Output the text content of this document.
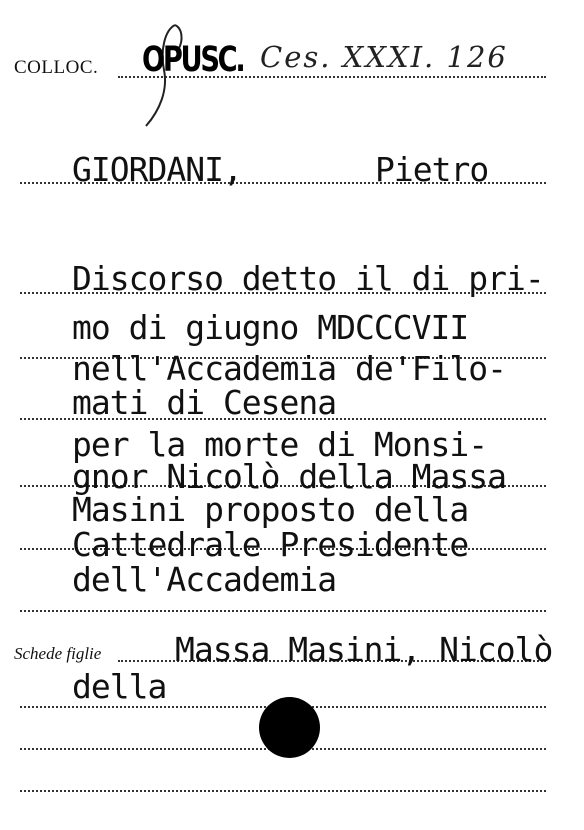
COLLOC. OPUSC. Ces. XXXI. 126
GIORDANI,	Pietro
Discorso detto il di pri-
mo di giugno MDCCCVII
nell'Accademia de'Filo-
mati di Cesena
per la morte di Monsi-
gnor Nicolò della Massa
Masini proposto della
Cattedrale Presidente
dell'Accademia
Schede figlie Massa Masini, Nicolò
della
